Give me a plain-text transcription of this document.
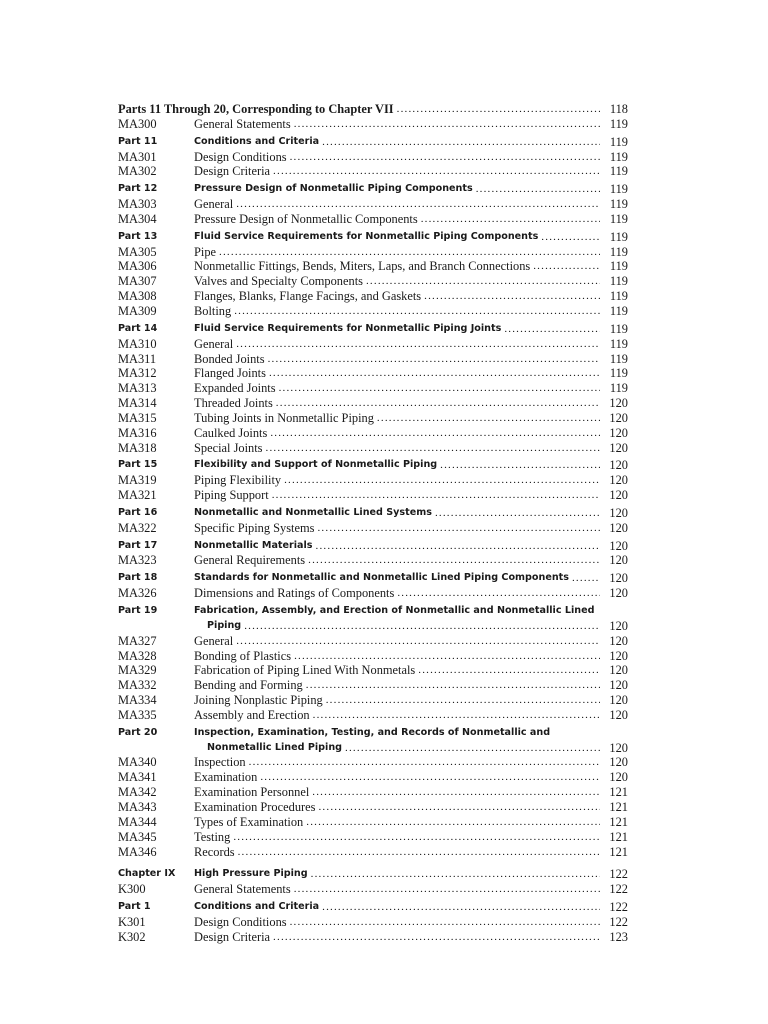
Parts 11 Through 20, Corresponding to Chapter VII .....	118
MA300	General Statements .....	119
Part 11	Conditions and Criteria .....	119
MA301	Design Conditions .....	119
MA302	Design Criteria .....	119
Part 12	Pressure Design of Nonmetallic Piping Components .....	119
MA303	General .....	119
MA304	Pressure Design of Nonmetallic Components .....	119
Part 13	Fluid Service Requirements for Nonmetallic Piping Components .....	119
MA305	Pipe .....	119
MA306	Nonmetallic Fittings, Bends, Miters, Laps, and Branch Connections .....	119
MA307	Valves and Specialty Components .....	119
MA308	Flanges, Blanks, Flange Facings, and Gaskets .....	119
MA309	Bolting .....	119
Part 14	Fluid Service Requirements for Nonmetallic Piping Joints .....	119
MA310	General .....	119
MA311	Bonded Joints .....	119
MA312	Flanged Joints .....	119
MA313	Expanded Joints .....	119
MA314	Threaded Joints .....	120
MA315	Tubing Joints in Nonmetallic Piping .....	120
MA316	Caulked Joints .....	120
MA318	Special Joints .....	120
Part 15	Flexibility and Support of Nonmetallic Piping .....	120
MA319	Piping Flexibility .....	120
MA321	Piping Support .....	120
Part 16	Nonmetallic and Nonmetallic Lined Systems .....	120
MA322	Specific Piping Systems .....	120
Part 17	Nonmetallic Materials .....	120
MA323	General Requirements .....	120
Part 18	Standards for Nonmetallic and Nonmetallic Lined Piping Components .....	120
MA326	Dimensions and Ratings of Components .....	120
Part 19	Fabrication, Assembly, and Erection of Nonmetallic and Nonmetallic Lined
Piping .....	120
MA327	General .....	120
MA328	Bonding of Plastics .....	120
MA329	Fabrication of Piping Lined With Nonmetals .....	120
MA332	Bending and Forming .....	120
MA334	Joining Nonplastic Piping .....	120
MA335	Assembly and Erection .....	120
Part 20	Inspection, Examination, Testing, and Records of Nonmetallic and
Nonmetallic Lined Piping .....	120
MA340	Inspection .....	120
MA341	Examination .....	120
MA342	Examination Personnel .....	121
MA343	Examination Procedures .....	121
MA344	Types of Examination .....	121
MA345	Testing .....	121
MA346	Records .....	121
Chapter IX High Pressure Piping .....	122
K300	General Statements .....	122
Part 1	Conditions and Criteria .....	122
K301	Design Conditions .....	122
K302	Design Criteria .....	123
